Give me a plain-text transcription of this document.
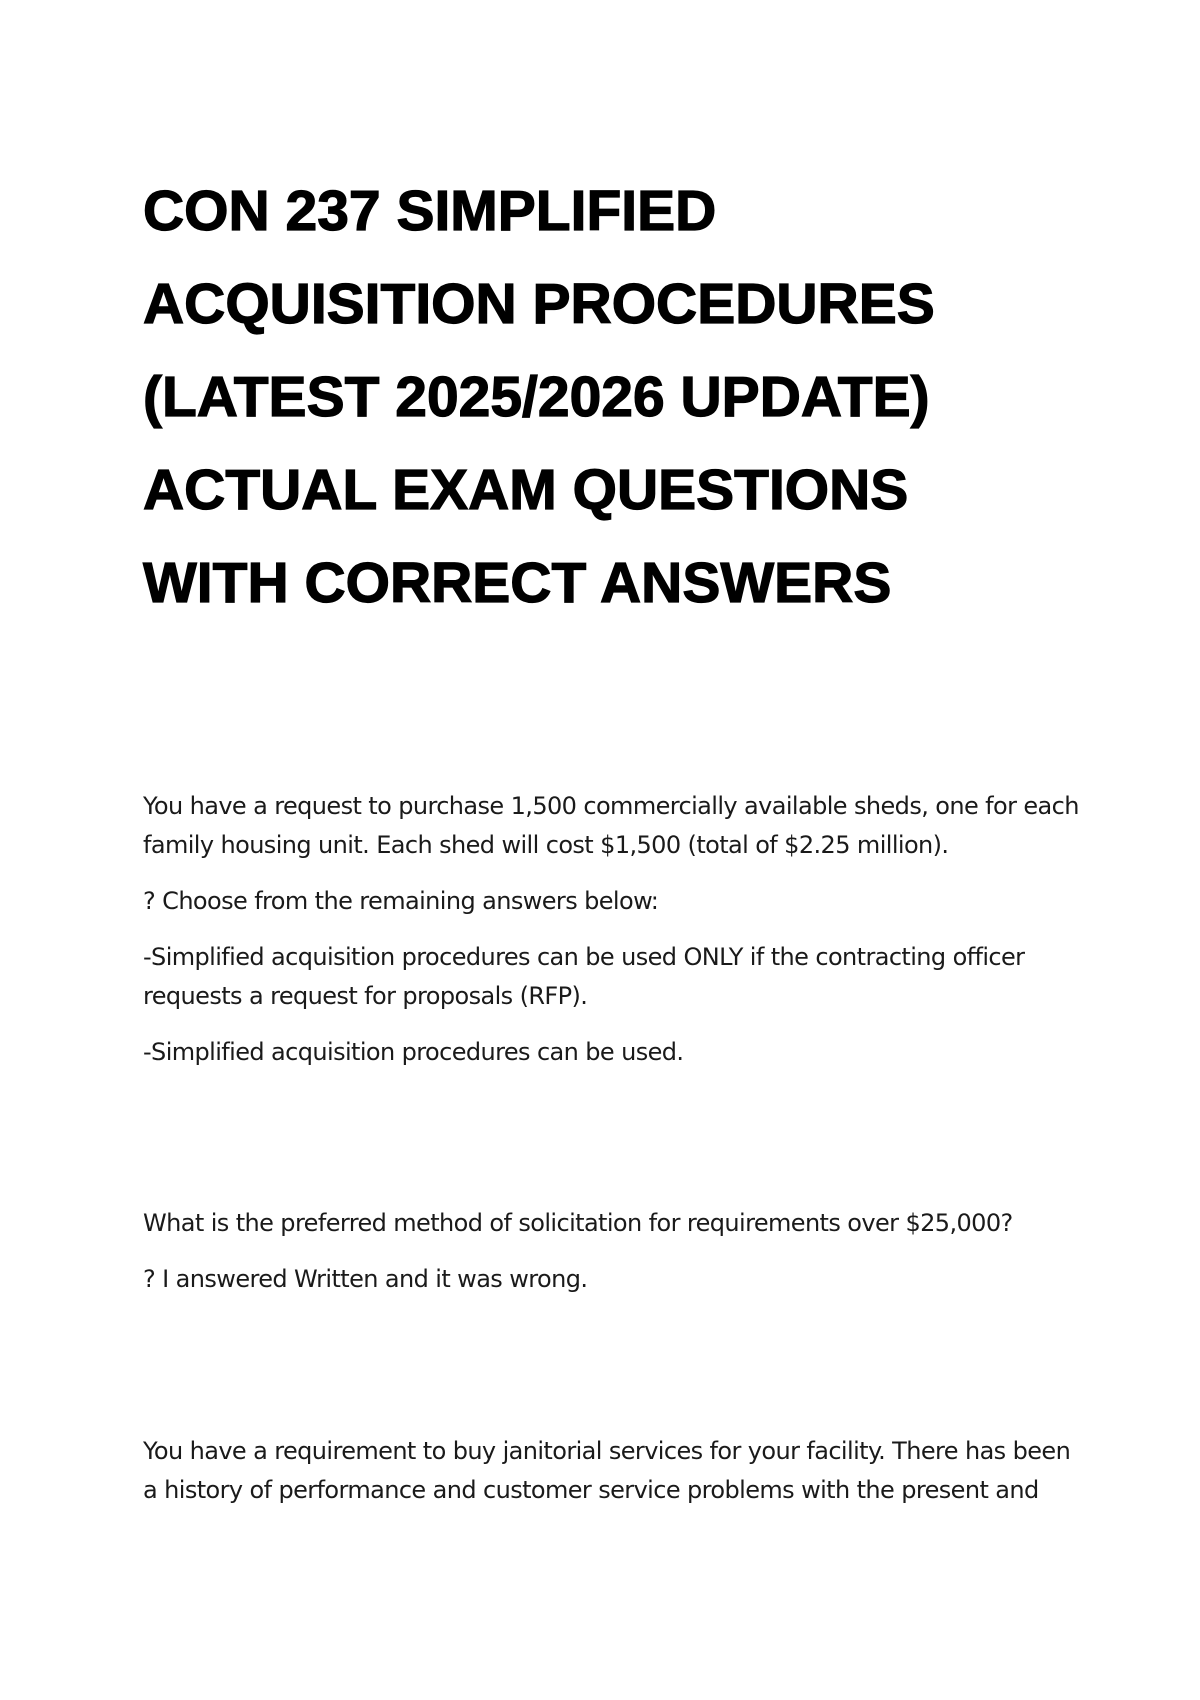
CON 237 SIMPLIFIED
ACQUISITION PROCEDURES
(LATEST 2025/2026 UPDATE)
ACTUAL EXAM QUESTIONS
WITH CORRECT ANSWERS

You have a request to purchase 1,500 commercially available sheds, one for each family housing unit. Each shed will cost $1,500 (total of $2.25 million).

? Choose from the remaining answers below:

-Simplified acquisition procedures can be used ONLY if the contracting officer requests a request for proposals (RFP).

-Simplified acquisition procedures can be used.

What is the preferred method of solicitation for requirements over $25,000?

? I answered Written and it was wrong.

You have a requirement to buy janitorial services for your facility. There has been a history of performance and customer service problems with the present and
